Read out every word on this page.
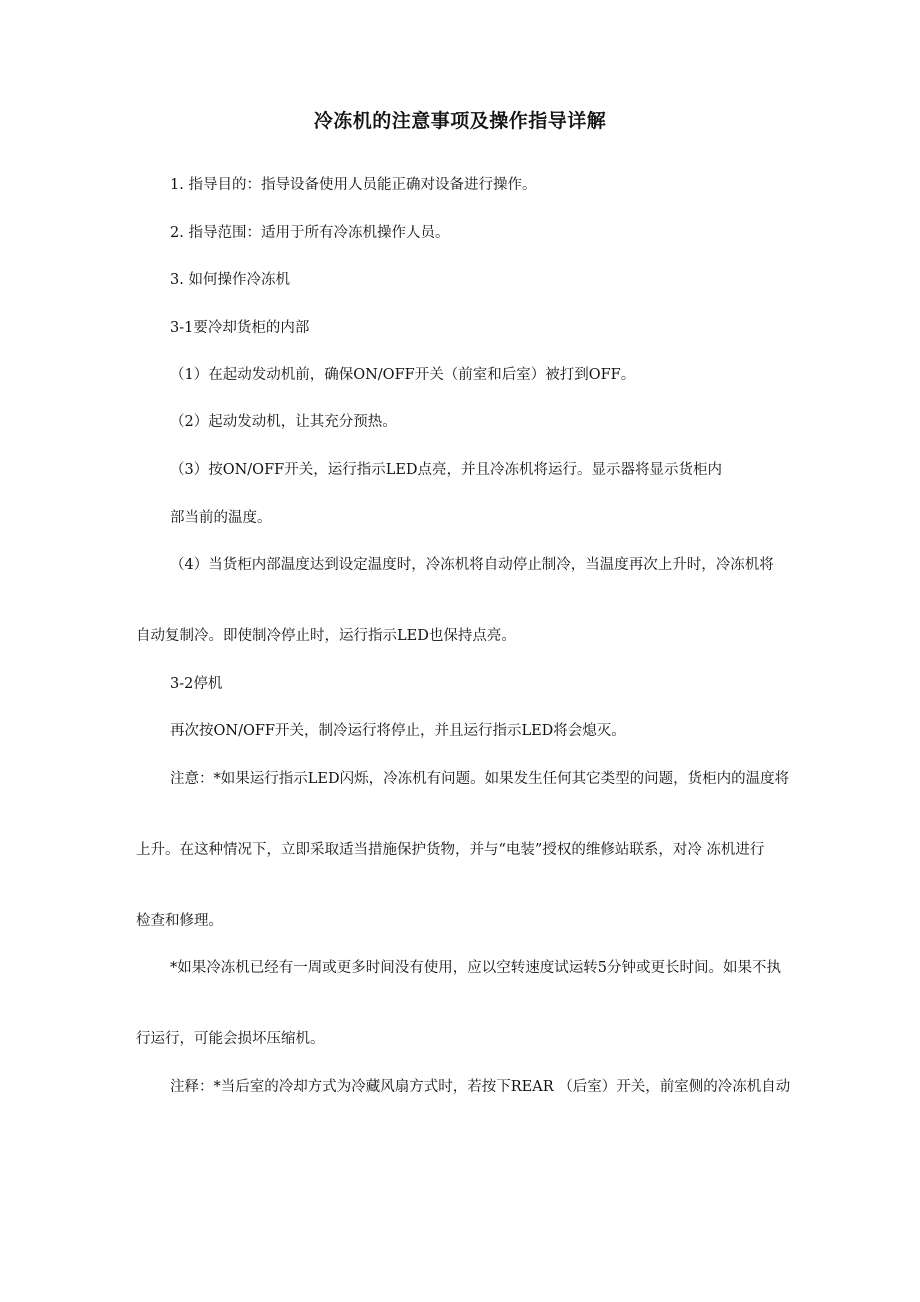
冷冻机的注意事项及操作指导详解
1. 指导目的：指导设备使用人员能正确对设备进行操作。
2. 指导范围：适用于所有冷冻机操作人员。
3. 如何操作冷冻机
3-1要冷却货柜的内部
（1）在起动发动机前，确保ON/OFF开关（前室和后室）被打到OFF。
（2）起动发动机，让其充分预热。
（3）按ON/OFF开关，运行指示LED点亮，并且冷冻机将运行。显示器将显示货柜内
部当前的温度。
（4）当货柜内部温度达到设定温度时，冷冻机将自动停止制冷，当温度再次上升时，冷冻机将
自动复制冷。即使制冷停止时，运行指示LED也保持点亮。
3-2停机
再次按ON/OFF开关，制冷运行将停止，并且运行指示LED将会熄灭。
注意：*如果运行指示LED闪烁，冷冻机有问题。如果发生任何其它类型的问题，货柜内的温度将
上升。在这种情况下，立即采取适当措施保护货物，并与“电装”授权的维修站联系，对冷 冻机进行
检查和修理。
*如果冷冻机已经有一周或更多时间没有使用，应以空转速度试运转5分钟或更长时间。如果不执
行运行，可能会损坏压缩机。
注释：*当后室的冷却方式为冷藏风扇方式时，若按下REAR （后室）开关，前室侧的冷冻机自动
